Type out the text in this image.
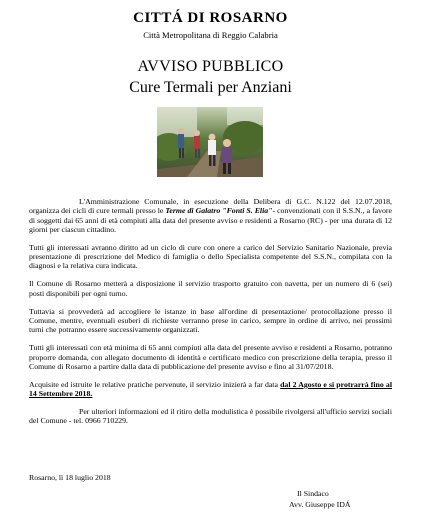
CITTÁ DI ROSARNO
Città Metropolitana di Reggio Calabria
AVVISO PUBBLICO
Cure Termali per Anziani

L'Amministrazione Comunale, in esecuzione della Delibera di G.C. N.122 del 12.07.2018, organizza dei cicli di cure termali presso le Terme di Galatro "Fonti S. Elia"- convenzionati con il S.S.N., a favore di soggetti dai 65 anni di età compiuti alla data del presente avviso e residenti a Rosarno (RC) - per una durata di 12 giorni per ciascun cittadino.

Tutti gli interessati avranno diritto ad un ciclo di cure con onere a carico del Servizio Sanitario Nazionale, previa presentazione di prescrizione del Medico di famiglia o dello Specialista competente del S.S.N., compilata con la diagnosi e la relativa cura indicata.

Il Comune di Rosarno metterà a disposizione il servizio trasporto gratuito con navetta, per un numero di 6 (sei) posti disponibili per ogni turno.

Tuttavia si provvederà ad accogliere le istanze in base all'ordine di presentazione/ protocollazione presso il Comune, mentre, eventuali esuberi di richieste verranno prese in carico, sempre in ordine di arrivo, nei prossimi turni che potranno essere successivamente organizzati.

Tutti gli interessati con età minima di 65 anni compiuti alla data del presente avviso e residenti a Rosarno, potranno proporre domanda, con allegato documento di identità e certificato medico con prescrizione della terapia, presso il Comune di Rosarno a partire dalla data di pubblicazione del presente avviso e fino al 31/07/2018.

Acquisite ed istruite le relative pratiche pervenute, il servizio inizierà a far data dal 2 Agosto e si protrarrà fino al 14 Settembre 2018.

Per ulteriori informazioni ed il ritiro della modulistica è possibile rivolgersi all'ufficio servizi sociali del Comune - tel. 0966 710229.

Rosarno, lì 18 luglio 2018
Il Sindaco
Avv. Giuseppe IDÁ
